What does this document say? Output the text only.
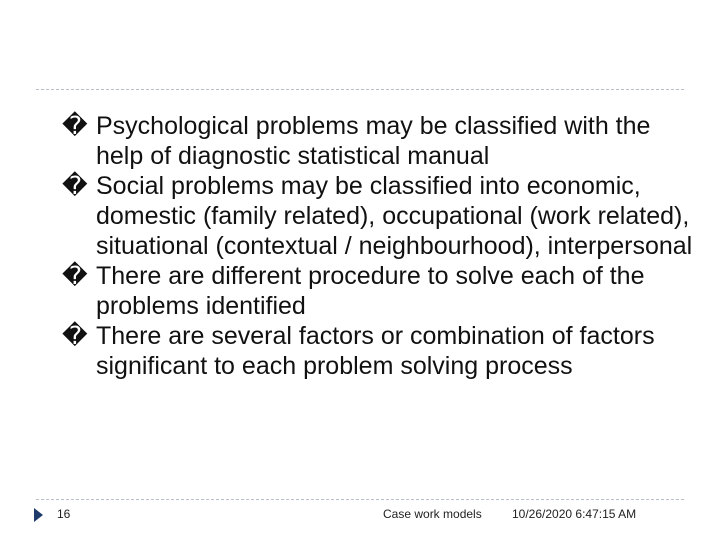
� Psychological problems may be classified with the help of diagnostic statistical manual
� Social problems may be classified into economic, domestic (family related), occupational (work related), situational (contextual / neighbourhood), interpersonal
� There are different procedure to solve each of the problems identified
� There are several factors or combination of factors significant to each problem solving process
16	Case work models	10/26/2020 6:47:15 AM
